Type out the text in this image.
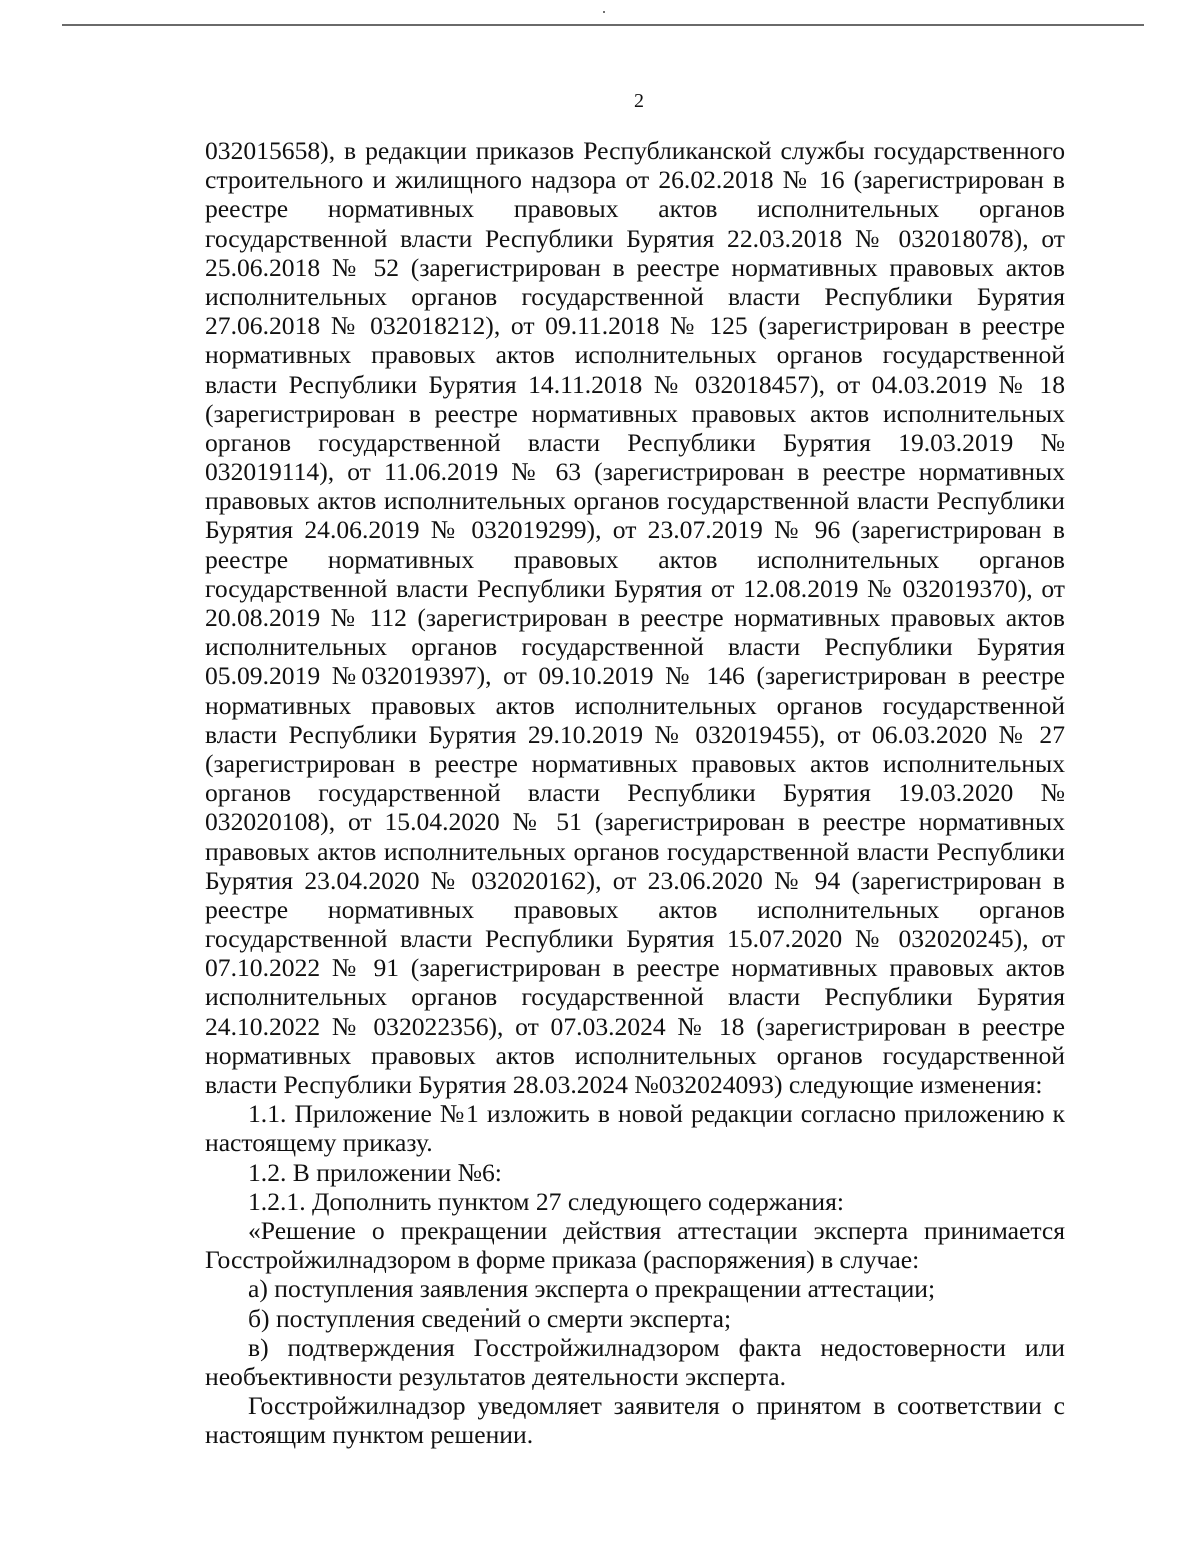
2
032015658), в редакции приказов Республиканской службы государственного
строительного и жилищного надзора от 26.02.2018 № 16 (зарегистрирован в
реестре нормативных правовых актов исполнительных органов
государственной власти Республики Бурятия 22.03.2018 № 032018078), от
25.06.2018 № 52 (зарегистрирован в реестре нормативных правовых актов
исполнительных органов государственной власти Республики Бурятия
27.06.2018 № 032018212), от 09.11.2018 № 125 (зарегистрирован в реестре
нормативных правовых актов исполнительных органов государственной
власти Республики Бурятия 14.11.2018 № 032018457), от 04.03.2019 № 18
(зарегистрирован в реестре нормативных правовых актов исполнительных
органов государственной власти Республики Бурятия 19.03.2019 №
032019114), от 11.06.2019 № 63 (зарегистрирован в реестре нормативных
правовых актов исполнительных органов государственной власти Республики
Бурятия 24.06.2019 № 032019299), от 23.07.2019 № 96 (зарегистрирован в
реестре нормативных правовых актов исполнительных органов
государственной власти Республики Бурятия от 12.08.2019 № 032019370), от
20.08.2019 № 112 (зарегистрирован в реестре нормативных правовых актов
исполнительных органов государственной власти Республики Бурятия
05.09.2019 №032019397), от 09.10.2019 № 146 (зарегистрирован в реестре
нормативных правовых актов исполнительных органов государственной
власти Республики Бурятия 29.10.2019 № 032019455), от 06.03.2020 № 27
(зарегистрирован в реестре нормативных правовых актов исполнительных
органов государственной власти Республики Бурятия 19.03.2020 №
032020108), от 15.04.2020 № 51 (зарегистрирован в реестре нормативных
правовых актов исполнительных органов государственной власти Республики
Бурятия 23.04.2020 № 032020162), от 23.06.2020 № 94 (зарегистрирован в
реестре нормативных правовых актов исполнительных органов
государственной власти Республики Бурятия 15.07.2020 № 032020245), от
07.10.2022 № 91 (зарегистрирован в реестре нормативных правовых актов
исполнительных органов государственной власти Республики Бурятия
24.10.2022 № 032022356), от 07.03.2024 № 18 (зарегистрирован в реестре
нормативных правовых актов исполнительных органов государственной
власти Республики Бурятия 28.03.2024 №032024093) следующие изменения:
1.1. Приложение №1 изложить в новой редакции согласно приложению к
настоящему приказу.
1.2. В приложении №6:
1.2.1. Дополнить пунктом 27 следующего содержания:
«Решение о прекращении действия аттестации эксперта принимается
Госстройжилнадзором в форме приказа (распоряжения) в случае:
а) поступления заявления эксперта о прекращении аттестации;
б) поступления сведений о смерти эксперта;
в) подтверждения Госстройжилнадзором факта недостоверности или
необъективности результатов деятельности эксперта.
Госстройжилнадзор уведомляет заявителя о принятом в соответствии с
настоящим пунктом решении.
